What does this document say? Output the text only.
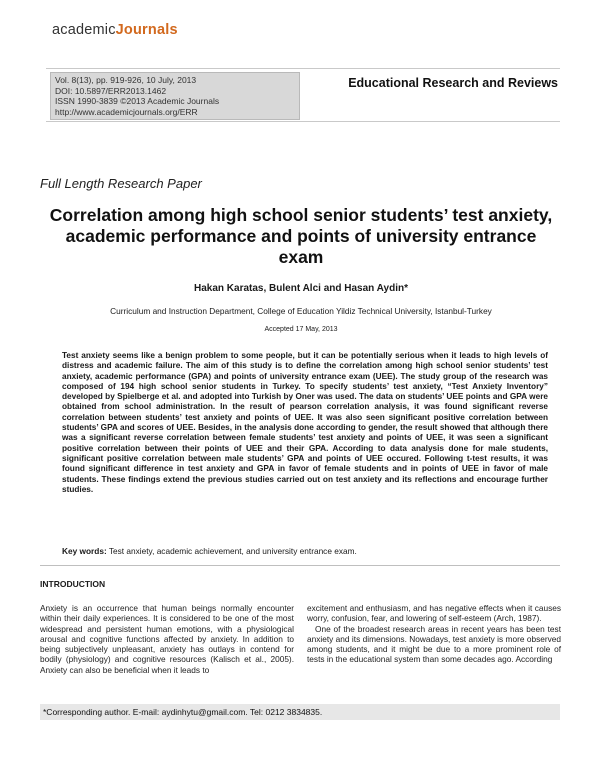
academicJournals
Vol. 8(13), pp. 919-926, 10 July, 2013
DOI: 10.5897/ERR2013.1462
ISSN 1990-3839 ©2013 Academic Journals
http://www.academicjournals.org/ERR
Educational Research and Reviews
Full Length Research Paper
Correlation among high school senior students’ test anxiety, academic performance and points of university entrance exam
Hakan Karatas, Bulent Alci and Hasan Aydin*
Curriculum and Instruction Department, College of Education Yildiz Technical University, Istanbul-Turkey
Accepted 17 May, 2013
Test anxiety seems like a benign problem to some people, but it can be potentially serious when it leads to high levels of distress and academic failure. The aim of this study is to define the correlation among high school senior students’ test anxiety, academic performance (GPA) and points of university entrance exam (UEE). The study group of the research was composed of 194 high school senior students in Turkey. To specify students’ test anxiety, “Test Anxiety Inventory” developed by Spielberge et al. and adopted into Turkish by Oner was used. The data on students’ UEE points and GPA were obtained from school administration. In the result of pearson correlation analysis, it was found significant reverse correlation between students’ test anxiety and points of UEE. It was also seen significant positive correlation between students’ GPA and scores of UEE. Besides, in the analysis done according to gender, the result showed that although there was a significant reverse correlation between female students’ test anxiety and points of UEE, it was seen a significant positive correlation between their points of UEE and their GPA. According to data analysis done for male students, significant positive correlation between male students’ GPA and points of UEE occured. Following t-test results, it was found significant difference in test anxiety and GPA in favor of female students and in points of UEE in favor of male students. These findings extend the previous studies carried out on test anxiety and its reflections and encourage further studies.
Key words: Test anxiety, academic achievement, and university entrance exam.
INTRODUCTION

Anxiety is an occurrence that human beings normally encounter within their daily experiences. It is considered to be one of the most widespread and persistent human emotions, with a physiological arousal and cognitive functions affected by anxiety. In addition to being subjectively unpleasant, anxiety has outlays in contend for bodily (physiology) and cognitive resources (Kalisch et al., 2005). Anxiety can also be beneficial when it leads to

excitement and enthusiasm, and has negative effects when it causes worry, confusion, fear, and lowering of self-esteem (Arch, 1987).

One of the broadest research areas in recent years has been test anxiety and its dimensions. Nowadays, test anxiety is more observed among students, and it might be due to a more prominent role of tests in the educational system than some decades ago. According

*Corresponding author. E-mail: aydinhytu@gmail.com. Tel: 0212 3834835.
